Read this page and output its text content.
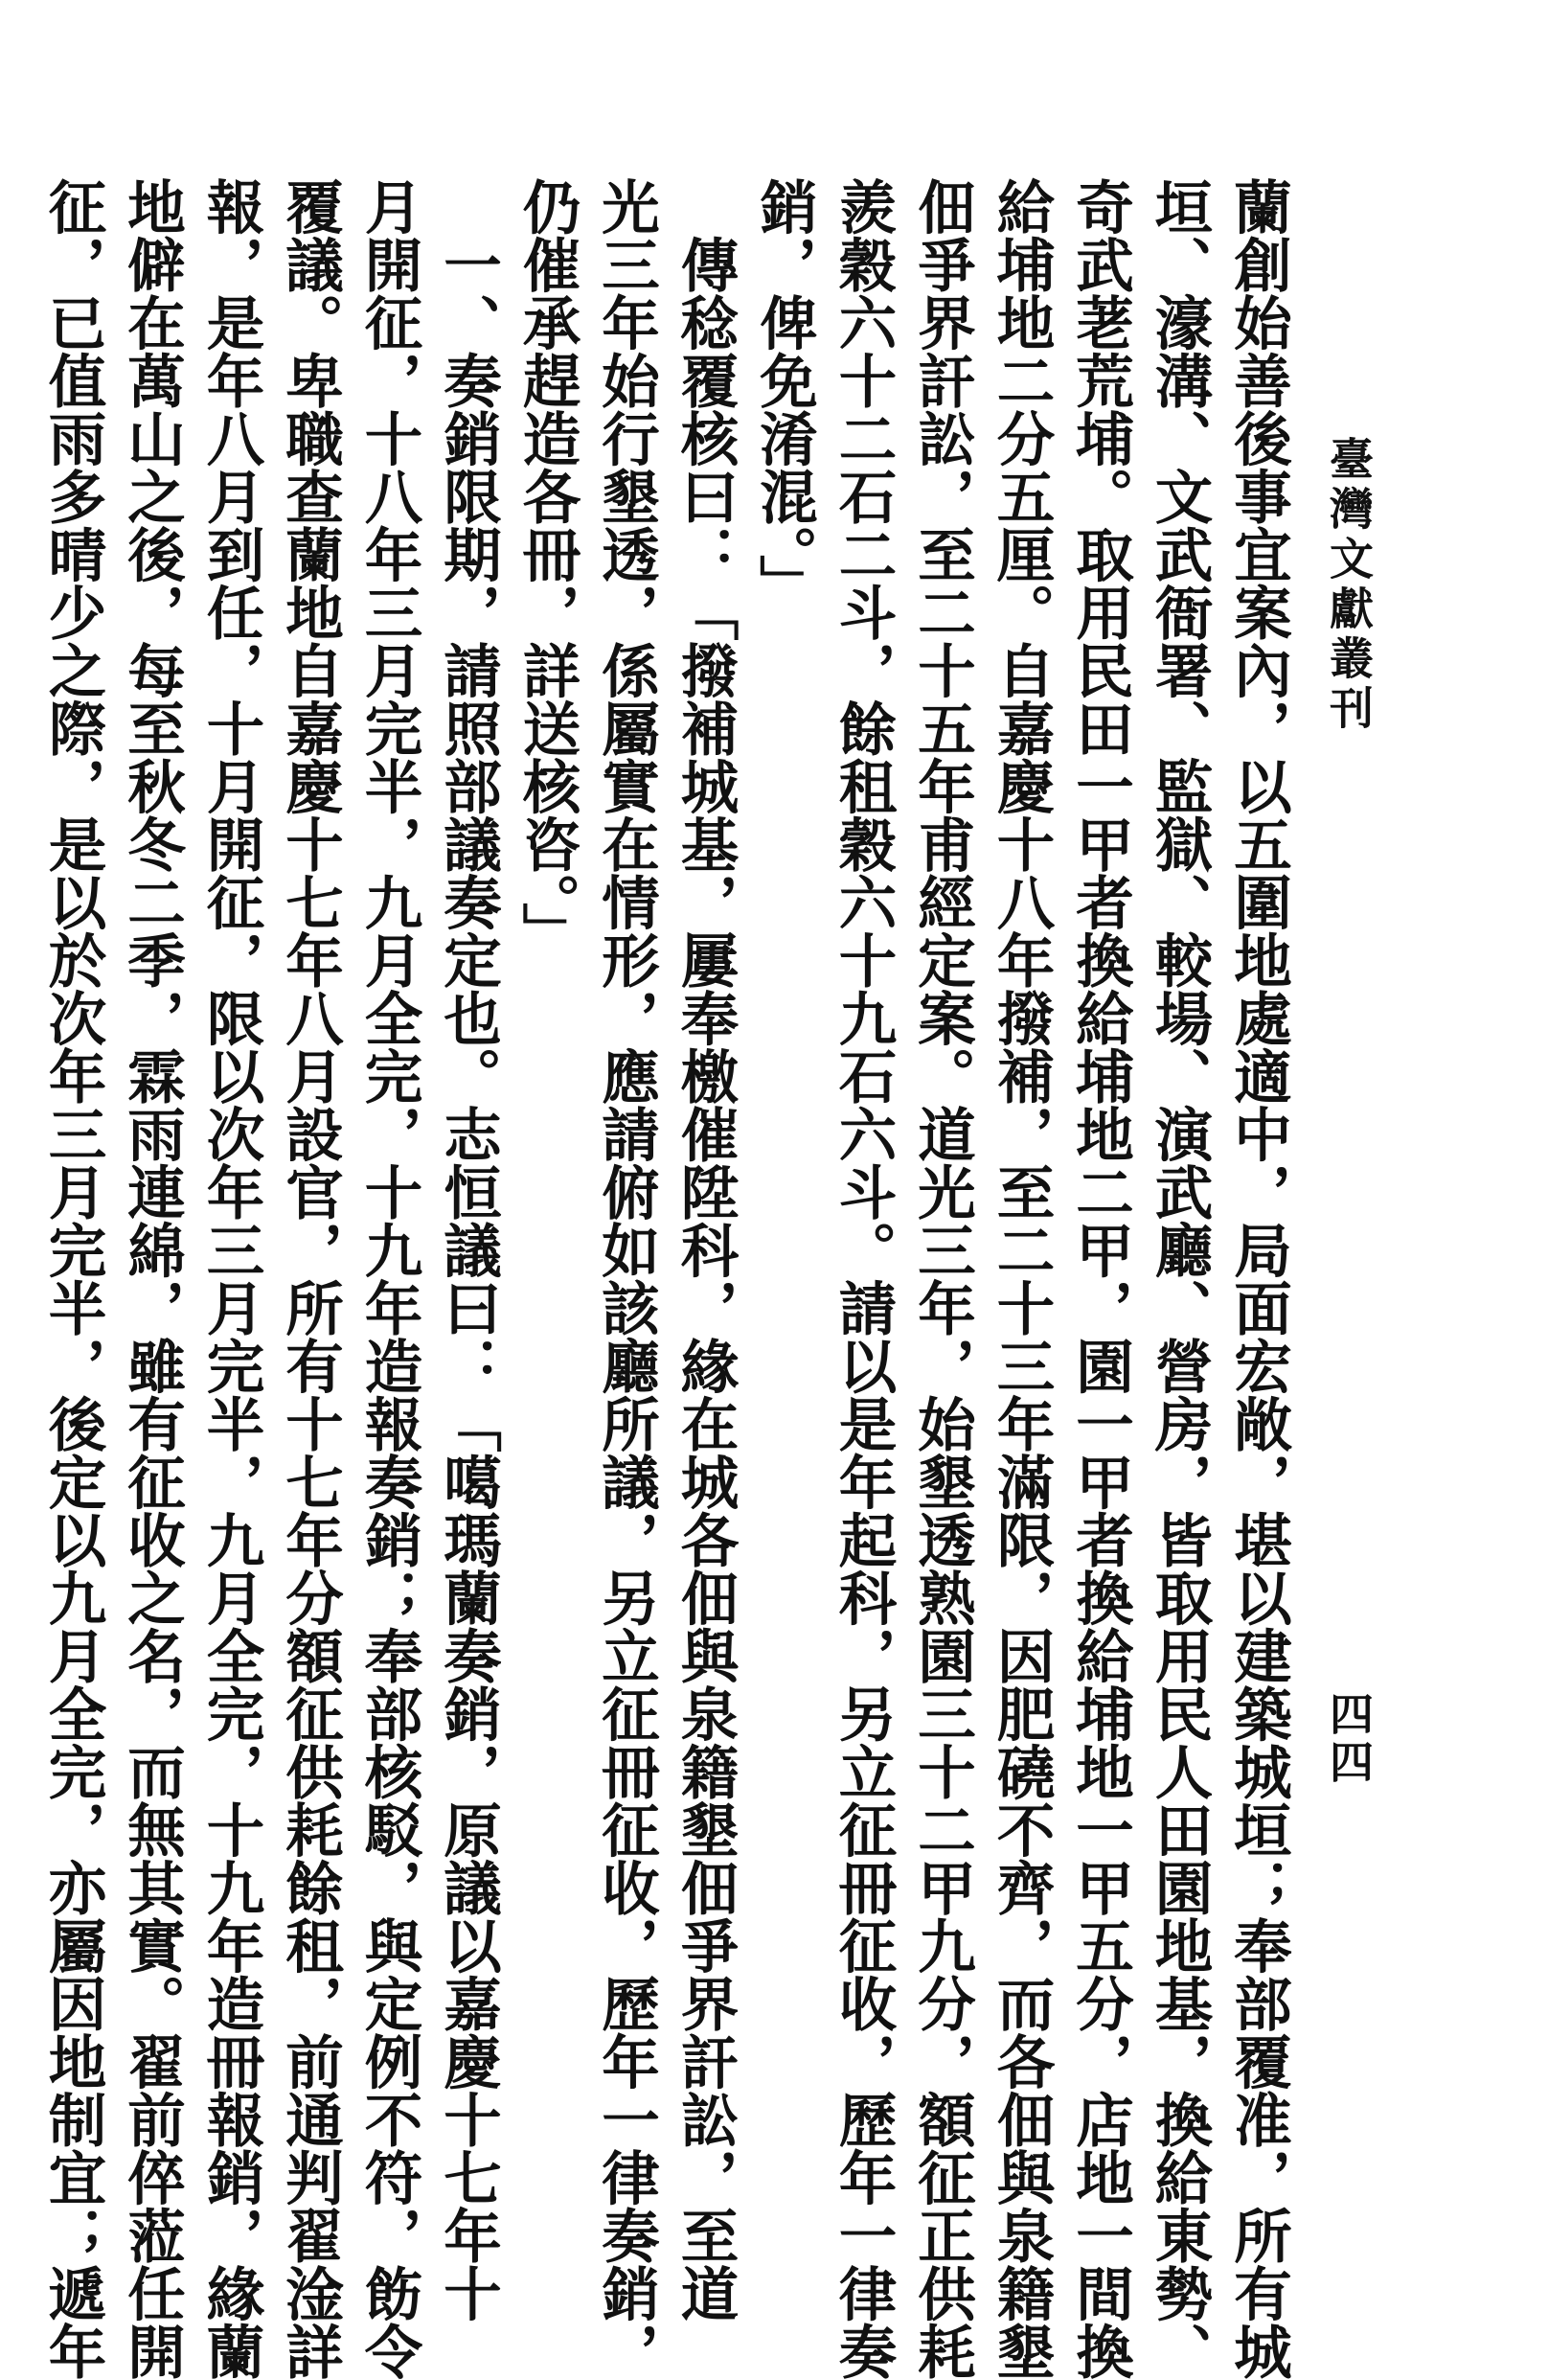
臺灣文獻叢刊
四四
蘭創始善後事宜案內，以五圍地處適中，局面宏敞，堪以建築城垣；奉部覆准，所有城
垣、濠溝、文武衙署、監獄、較場、演武廳、營房，皆取用民人田園地基，換給東勢、
奇武荖荒埔。取用民田一甲者換給埔地二甲，園一甲者換給埔地一甲五分，店地一間換
給埔地二分五厘。自嘉慶十八年撥補，至二十三年滿限，因肥磽不齊，而各佃與泉籍墾
佃爭界訐訟，至二十五年甫經定案。道光三年，始墾透熟園三十二甲九分，額征正供耗
羨穀六十二石二斗，餘租穀六十九石六斗。請以是年起科，另立征冊征收，歷年一律奏
銷，俾免淆混。」
　傳稔覆核曰：「撥補城基，屢奉檄催陞科，緣在城各佃與泉籍墾佃爭界訐訟，至道
光三年始行墾透，係屬實在情形，應請俯如該廳所議，另立征冊征收，歷年一律奏銷，
仍催承趕造各冊，詳送核咨。」
　一、奏銷限期，請照部議奏定也。志恒議曰：「噶瑪蘭奏銷，原議以嘉慶十七年十
月開征，十八年三月完半，九月全完，十九年造報奏銷；奉部核駁，與定例不符，飭令
覆議。卑職查蘭地自嘉慶十七年八月設官，所有十七年分額征供耗餘租，前通判翟淦詳
報，是年八月到任，十月開征，限以次年三月完半，九月全完，十九年造冊報銷，緣蘭
地僻在萬山之後，每至秋冬二季，霖雨連綿，雖有征收之名，而無其實。翟前倅蒞任開
征，已值雨多晴少之際，是以於次年三月完半，後定以九月全完，亦屬因地制宜；遞年
